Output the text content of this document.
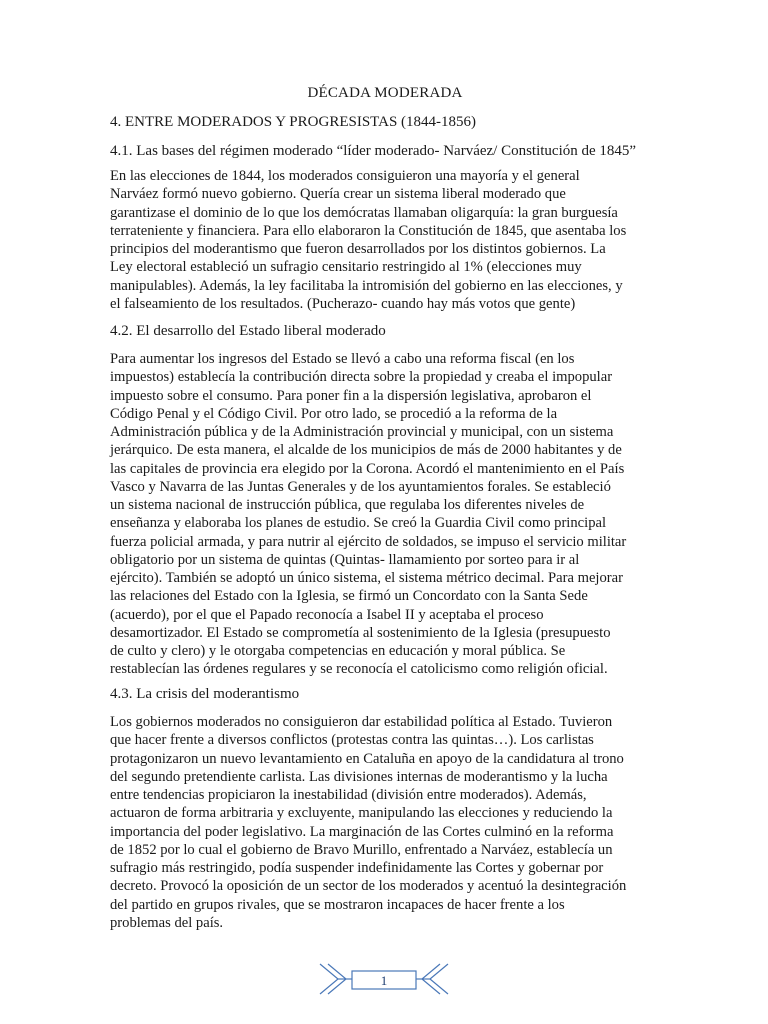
DÉCADA MODERADA
4. ENTRE MODERADOS Y PROGRESISTAS (1844-1856)
4.1. Las bases del régimen moderado “líder moderado- Narváez/ Constitución de 1845”
En las elecciones de 1844, los moderados consiguieron una mayoría y el general
Narváez formó nuevo gobierno. Quería crear un sistema liberal moderado que
garantizase el dominio de lo que los demócratas llamaban oligarquía: la gran burguesía
terrateniente y financiera. Para ello elaboraron la Constitución de 1845, que asentaba los
principios del moderantismo que fueron desarrollados por los distintos gobiernos. La
Ley electoral estableció un sufragio censitario restringido al 1% (elecciones muy
manipulables). Además, la ley facilitaba la intromisión del gobierno en las elecciones, y
el falseamiento de los resultados. (Pucherazo- cuando hay más votos que gente)
4.2. El desarrollo del Estado liberal moderado
Para aumentar los ingresos del Estado se llevó a cabo una reforma fiscal (en los
impuestos) establecía la contribución directa sobre la propiedad y creaba el impopular
impuesto sobre el consumo. Para poner fin a la dispersión legislativa, aprobaron el
Código Penal y el Código Civil. Por otro lado, se procedió a la reforma de la
Administración pública y de la Administración provincial y municipal, con un sistema
jerárquico. De esta manera, el alcalde de los municipios de más de 2000 habitantes y de
las capitales de provincia era elegido por la Corona. Acordó el mantenimiento en el País
Vasco y Navarra de las Juntas Generales y de los ayuntamientos forales. Se estableció
un sistema nacional de instrucción pública, que regulaba los diferentes niveles de
enseñanza y elaboraba los planes de estudio. Se creó la Guardia Civil como principal
fuerza policial armada, y para nutrir al ejército de soldados, se impuso el servicio militar
obligatorio por un sistema de quintas (Quintas- llamamiento por sorteo para ir al
ejército). También se adoptó un único sistema, el sistema métrico decimal. Para mejorar
las relaciones del Estado con la Iglesia, se firmó un Concordato con la Santa Sede
(acuerdo), por el que el Papado reconocía a Isabel II y aceptaba el proceso
desamortizador. El Estado se comprometía al sostenimiento de la Iglesia (presupuesto
de culto y clero) y le otorgaba competencias en educación y moral pública. Se
restablecían las órdenes regulares y se reconocía el catolicismo como religión oficial.
4.3. La crisis del moderantismo
Los gobiernos moderados no consiguieron dar estabilidad política al Estado. Tuvieron
que hacer frente a diversos conflictos (protestas contra las quintas…). Los carlistas
protagonizaron un nuevo levantamiento en Cataluña en apoyo de la candidatura al trono
del segundo pretendiente carlista. Las divisiones internas de moderantismo y la lucha
entre tendencias propiciaron la inestabilidad (división entre moderados). Además,
actuaron de forma arbitraria y excluyente, manipulando las elecciones y reduciendo la
importancia del poder legislativo. La marginación de las Cortes culminó en la reforma
de 1852 por lo cual el gobierno de Bravo Murillo, enfrentado a Narváez, establecía un
sufragio más restringido, podía suspender indefinidamente las Cortes y gobernar por
decreto. Provocó la oposición de un sector de los moderados y acentuó la desintegración
del partido en grupos rivales, que se mostraron incapaces de hacer frente a los
problemas del país.
1
